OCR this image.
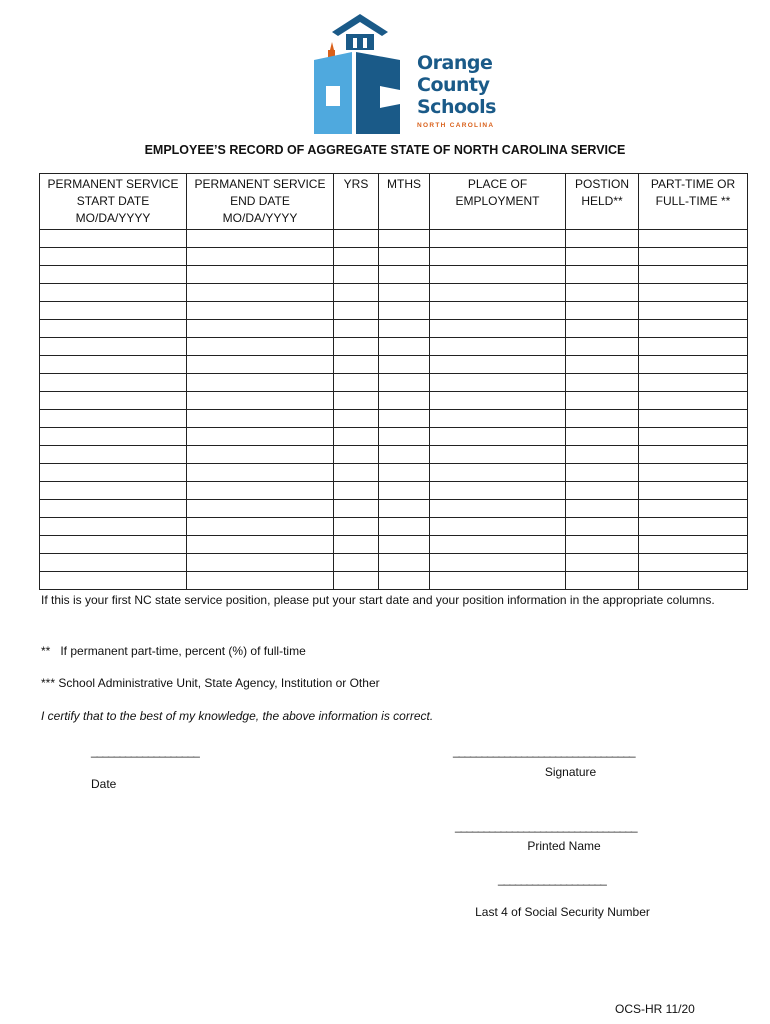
Orange
County
Schools
NORTH CAROLINA
EMPLOYEE’S RECORD OF AGGREGATE STATE OF NORTH CAROLINA SERVICE
PERMANENT SERVICE
START DATE
MO/DA/YYYY	PERMANENT SERVICE
END DATE
MO/DA/YYYY	YRS	MTHS	PLACE OF
EMPLOYMENT	POSTION
HELD**	PART-TIME OR
FULL-TIME **

If this is your first NC state service position, please put your start date and your position information in the appropriate columns.
**   If permanent part-time, percent (%) of full-time
*** School Administrative Unit, State Agency, Institution or Other
I certify that to the best of my knowledge, the above information is correct.
___________________
Date
________________________________
Signature
________________________________
Printed Name
___________________
Last 4 of Social Security Number
OCS-HR 11/20
